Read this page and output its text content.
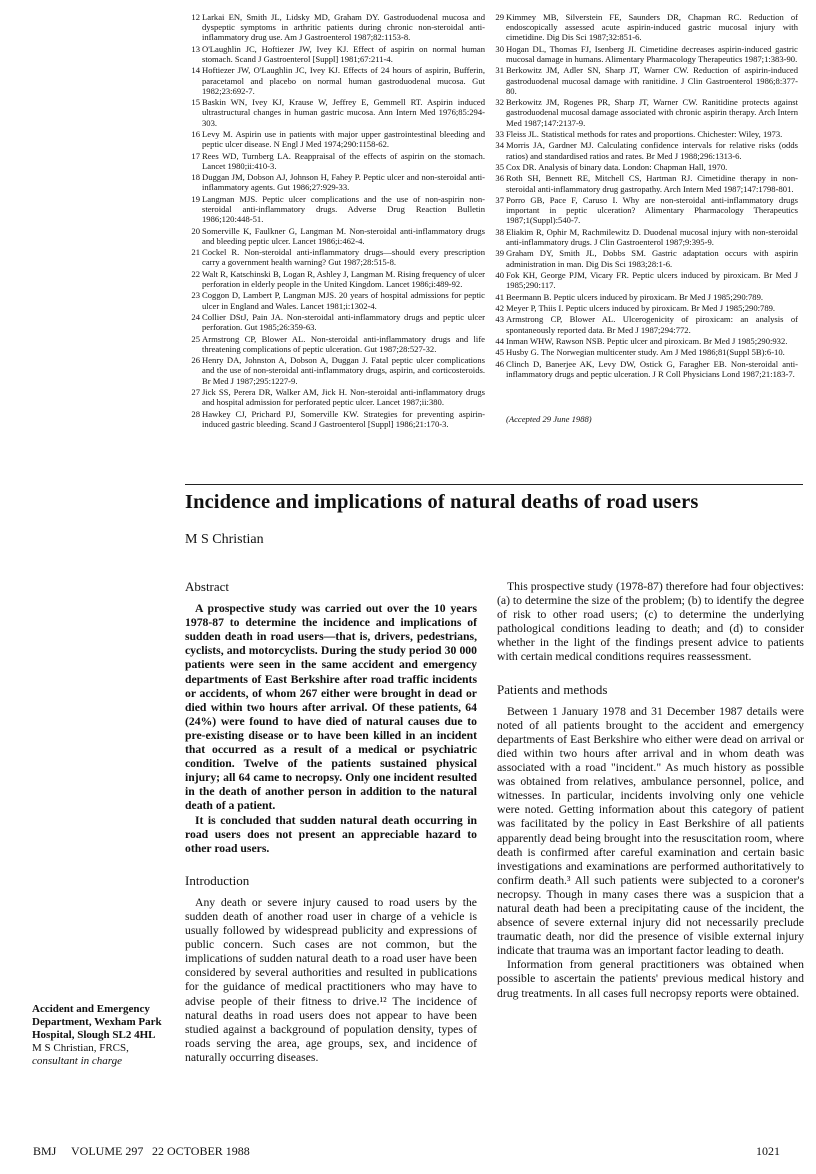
12 Larkai EN, Smith JL, Lidsky MD, Graham DY. Gastroduodenal mucosa and dyspeptic symptoms in arthritic patients during chronic non-steroidal anti-inflammatory drug use. Am J Gastroenterol 1987;82:1153-8.
13 O'Laughlin JC, Hoftiezer JW, Ivey KJ. Effect of aspirin on normal human stomach. Scand J Gastroenterol [Suppl] 1981;67:211-4.
14 Hoftiezer JW, O'Laughlin JC, Ivey KJ. Effects of 24 hours of aspirin, Bufferin, paracetamol and placebo on normal human gastroduodenal mucosa. Gut 1982;23:692-7.
15 Baskin WN, Ivey KJ, Krause W, Jeffrey E, Gemmell RT. Aspirin induced ultrastructural changes in human gastric mucosa. Ann Intern Med 1976;85:294-303.
16 Levy M. Aspirin use in patients with major upper gastrointestinal bleeding and peptic ulcer disease. N Engl J Med 1974;290:1158-62.
17 Rees WD, Turnberg LA. Reappraisal of the effects of aspirin on the stomach. Lancet 1980;ii:410-3.
18 Duggan JM, Dobson AJ, Johnson H, Fahey P. Peptic ulcer and non-steroidal anti-inflammatory agents. Gut 1986;27:929-33.
19 Langman MJS. Peptic ulcer complications and the use of non-aspirin non-steroidal anti-inflammatory drugs. Adverse Drug Reaction Bulletin 1986;120:448-51.
20 Somerville K, Faulkner G, Langman M. Non-steroidal anti-inflammatory drugs and bleeding peptic ulcer. Lancet 1986;i:462-4.
21 Cockel R. Non-steroidal anti-inflammatory drugs—should every prescription carry a government health warning? Gut 1987;28:515-8.
22 Walt R, Katschinski B, Logan R, Ashley J, Langman M. Rising frequency of ulcer perforation in elderly people in the United Kingdom. Lancet 1986;i:489-92.
23 Coggon D, Lambert P, Langman MJS. 20 years of hospital admissions for peptic ulcer in England and Wales. Lancet 1981;i:1302-4.
24 Collier DStJ, Pain JA. Non-steroidal anti-inflammatory drugs and peptic ulcer perforation. Gut 1985;26:359-63.
25 Armstrong CP, Blower AL. Non-steroidal anti-inflammatory drugs and life threatening complications of peptic ulceration. Gut 1987;28:527-32.
26 Henry DA, Johnston A, Dobson A, Duggan J. Fatal peptic ulcer complications and the use of non-steroidal anti-inflammatory drugs, aspirin, and corticosteroids. Br Med J 1987;295:1227-9.
27 Jick SS, Perera DR, Walker AM, Jick H. Non-steroidal anti-inflammatory drugs and hospital admission for perforated peptic ulcer. Lancet 1987;ii:380.
28 Hawkey CJ, Prichard PJ, Somerville KW. Strategies for preventing aspirin-induced gastric bleeding. Scand J Gastroenterol [Suppl] 1986;21:170-3.
29 Kimmey MB, Silverstein FE, Saunders DR, Chapman RC. Reduction of endoscopically assessed acute aspirin-induced gastric mucosal injury with cimetidine. Dig Dis Sci 1987;32:851-6.
30 Hogan DL, Thomas FJ, Isenberg JI. Cimetidine decreases aspirin-induced gastric mucosal damage in humans. Alimentary Pharmacology Therapeutics 1987;1:383-90.
31 Berkowitz JM, Adler SN, Sharp JT, Warner CW. Reduction of aspirin-induced gastroduodenal mucosal damage with ranitidine. J Clin Gastroenterol 1986;8:377-80.
32 Berkowitz JM, Rogenes PR, Sharp JT, Warner CW. Ranitidine protects against gastroduodenal mucosal damage associated with chronic aspirin therapy. Arch Intern Med 1987;147:2137-9.
33 Fleiss JL. Statistical methods for rates and proportions. Chichester: Wiley, 1973.
34 Morris JA, Gardner MJ. Calculating confidence intervals for relative risks (odds ratios) and standardised ratios and rates. Br Med J 1988;296:1313-6.
35 Cox DR. Analysis of binary data. London: Chapman Hall, 1970.
36 Roth SH, Bennett RE, Mitchell CS, Hartman RJ. Cimetidine therapy in non-steroidal anti-inflammatory drug gastropathy. Arch Intern Med 1987;147:1798-801.
37 Porro GB, Pace F, Caruso I. Why are non-steroidal anti-inflammatory drugs important in peptic ulceration? Alimentary Pharmacology Therapeutics 1987;1(Suppl):540-7.
38 Eliakim R, Ophir M, Rachmilewitz D. Duodenal mucosal injury with non-steroidal anti-inflammatory drugs. J Clin Gastroenterol 1987;9:395-9.
39 Graham DY, Smith JL, Dobbs SM. Gastric adaptation occurs with aspirin administration in man. Dig Dis Sci 1983;28:1-6.
40 Fok KH, George PJM, Vicary FR. Peptic ulcers induced by piroxicam. Br Med J 1985;290:117.
41 Beermann B. Peptic ulcers induced by piroxicam. Br Med J 1985;290:789.
42 Meyer P, Thiis I. Peptic ulcers induced by piroxicam. Br Med J 1985;290:789.
43 Armstrong CP, Blower AL. Ulcerogenicity of piroxicam: an analysis of spontaneously reported data. Br Med J 1987;294:772.
44 Inman WHW, Rawson NSB. Peptic ulcer and piroxicam. Br Med J 1985;290:932.
45 Husby G. The Norwegian multicenter study. Am J Med 1986;81(Suppl 5B):6-10.
46 Clinch D, Banerjee AK, Levy DW, Ostick G, Faragher EB. Non-steroidal anti-inflammatory drugs and peptic ulceration. J R Coll Physicians Lond 1987;21:183-7.
(Accepted 29 June 1988)
Incidence and implications of natural deaths of road users
M S Christian
Abstract

A prospective study was carried out over the 10 years 1978-87 to determine the incidence and implications of sudden death in road users—that is, drivers, pedestrians, cyclists, and motorcyclists. During the study period 30 000 patients were seen in the same accident and emergency departments of East Berkshire after road traffic incidents or accidents, of whom 267 either were brought in dead or died within two hours after arrival. Of these patients, 64 (24%) were found to have died of natural causes due to pre-existing disease or to have been killed in an incident that occurred as a result of a medical or psychiatric condition. Twelve of the patients sustained physical injury; all 64 came to necropsy. Only one incident resulted in the death of another person in addition to the natural death of a patient.

It is concluded that sudden natural death occurring in road users does not present an appreciable hazard to other road users.

Introduction

Any death or severe injury caused to road users by the sudden death of another road user in charge of a vehicle is usually followed by widespread publicity and expressions of public concern. Such cases are not common, but the implications of sudden natural death to a road user have been considered by several authorities and resulted in publications for the guidance of medical practitioners who may have to advise people of their fitness to drive.¹² The incidence of natural deaths in road users does not appear to have been studied against a background of population density, types of roads serving the area, age groups, sex, and incidence of naturally occurring diseases.

This prospective study (1978-87) therefore had four objectives: (a) to determine the size of the problem; (b) to identify the degree of risk to other road users; (c) to determine the underlying pathological conditions leading to death; and (d) to consider whether in the light of the findings present advice to patients with certain medical conditions requires reassessment.

Patients and methods

Between 1 January 1978 and 31 December 1987 details were noted of all patients brought to the accident and emergency departments of East Berkshire who either were dead on arrival or died within two hours after arrival and in whom death was associated with a road "incident." As much history as possible was obtained from relatives, ambulance personnel, police, and witnesses. In particular, incidents involving only one vehicle were noted. Getting information about this category of patient was facilitated by the policy in East Berkshire of all patients apparently dead being brought into the resuscitation room, where death is confirmed after careful examination and certain basic investigations and examinations are performed authoritatively to confirm death.³ All such patients were subjected to a coroner's necropsy. Though in many cases there was a suspicion that a natural death had been a precipitating cause of the incident, the absence of severe external injury did not necessarily preclude traumatic death, nor did the presence of visible external injury indicate that trauma was an important factor leading to death.

Information from general practitioners was obtained when possible to ascertain the patients' previous medical history and drug treatments. In all cases full necropsy reports were obtained.

Accident and Emergency Department, Wexham Park Hospital, Slough SL2 4HL
M S Christian, FRCS,
consultant in charge
BMJ VOLUME 297 22 OCTOBER 1988	1021
